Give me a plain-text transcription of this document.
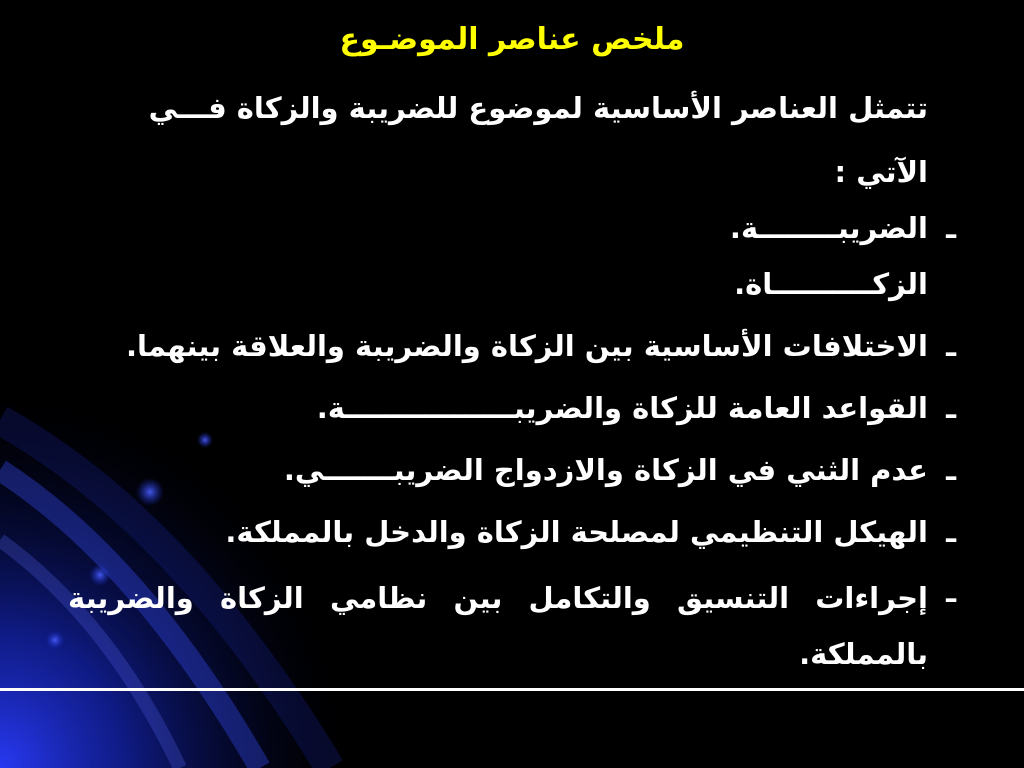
ملخص عناصر الموضـوع
تتمثل العناصر الأساسية لموضوع للضريبة والزكاة فـــي
الآتي :
ـ
الضريبــــــــة.
الزكــــــــــاة.
ـ
الاختلافات الأساسية بين الزكاة والضريبة والعلاقة بينهما.
ـ
القواعد العامة للزكاة والضريبـــــــــــــــــة.
ـ
عدم الثني في الزكاة والازدواج الضريبـــــــي.
ـ
الهيكل التنظيمي لمصلحة الزكاة والدخل بالمملكة.
ـ
إجراءات التنسيق والتكامل بين نظامي الزكاة والضريبة بالمملكة.
